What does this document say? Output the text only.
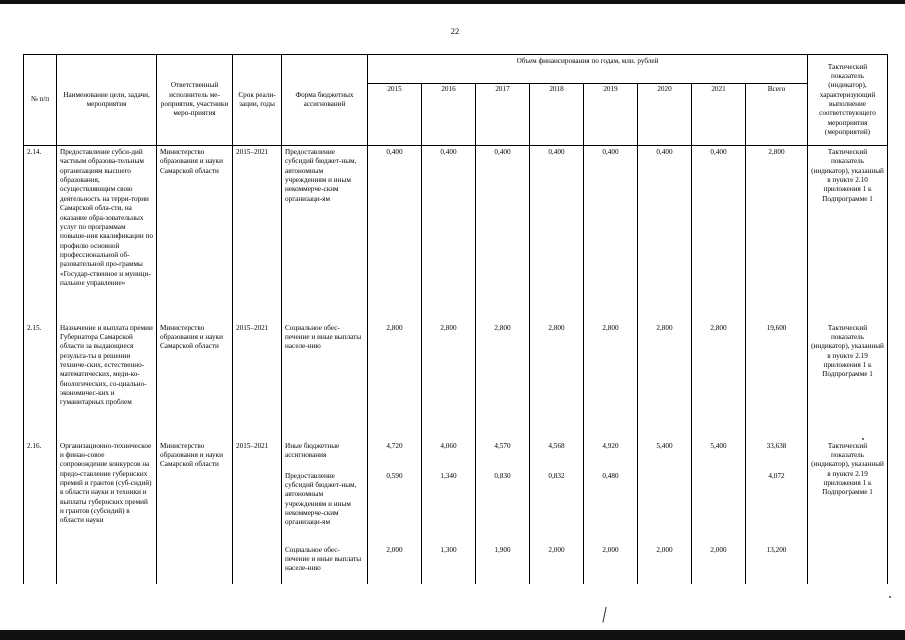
22
№ п/п	Наименование цели, задачи, мероприятия	Ответственный исполнитель ме-роприятия, участники меро-приятия	Срок реали-зации, годы	Форма бюджетных ассигнований	Объем финансирования по годам, млн. рублей								Тактический показатель (индикатор), характеризующий выполнение соответствующего мероприятия (мероприятий)
					2015	2016	2017	2018	2019	2020	2021	Всего	
2.14.	Предоставление субси-дий частным образова-тельным организациям высшего образования, осуществляющим свою деятельность на терри-тории Самарской обла-сти, на оказание обра-зовательных услуг по программам повыше-ния квалификации по профилю основной профессиональной об-разовательной про-граммы «Государ-ственное и муници-пальное управление»	Министерство образования и науки Самарской области	2015–2021	Предоставление субсидий бюджет-ным, автономным учреждениям и иным некоммерче-ским организаци-ям	0,400	0,400	0,400	0,400	0,400	0,400	0,400	2,800	Тактический показатель (индикатор), указанный в пункте 2.10 приложения 1 к Подпрограмме 1
2.15.	Назначение и выплата премии Губернатора Самарской области за выдающиеся результа-ты в решении техниче-ских, естественно-математических, меди-ко-биологических, со-циально-экономичес-ких и гуманитарных проблем	Министерство образования и науки Самарской области	2015–2021	Социальное обес-печение и иные выплаты населе-нию	2,800	2,800	2,800	2,800	2,800	2,800	2,800	19,600	Тактический показатель (индикатор), указанный в пункте 2.19 приложения 1 к Подпрограмме 1
2.16.	Организационно-техническое и финан-совое сопровождение конкурсов на предо-ставление губернских премий и грантов (суб-сидий) в области науки и техники и выплаты губернских премий и грантов (субсидий) в области науки	Министерство образования и науки Самарской области	2015–2021	Иные бюджетные ассигнования	4,720	4,060	4,570	4,568	4,920	5,400	5,400	33,638	Тактический показатель (индикатор), указанный в пункте 2.19 приложения 1 к Подпрограмме 1
				Предоставление субсидий бюджет-ным, автономным учреждениям и иным некоммерче-ским организаци-ям	0,590	1,340	0,830	0,832	0,480			4,072	
				Социальное обес-печение и иные выплаты населе-нию	2,000	1,300	1,900	2,000	2,000	2,000	2,000	13,200	
